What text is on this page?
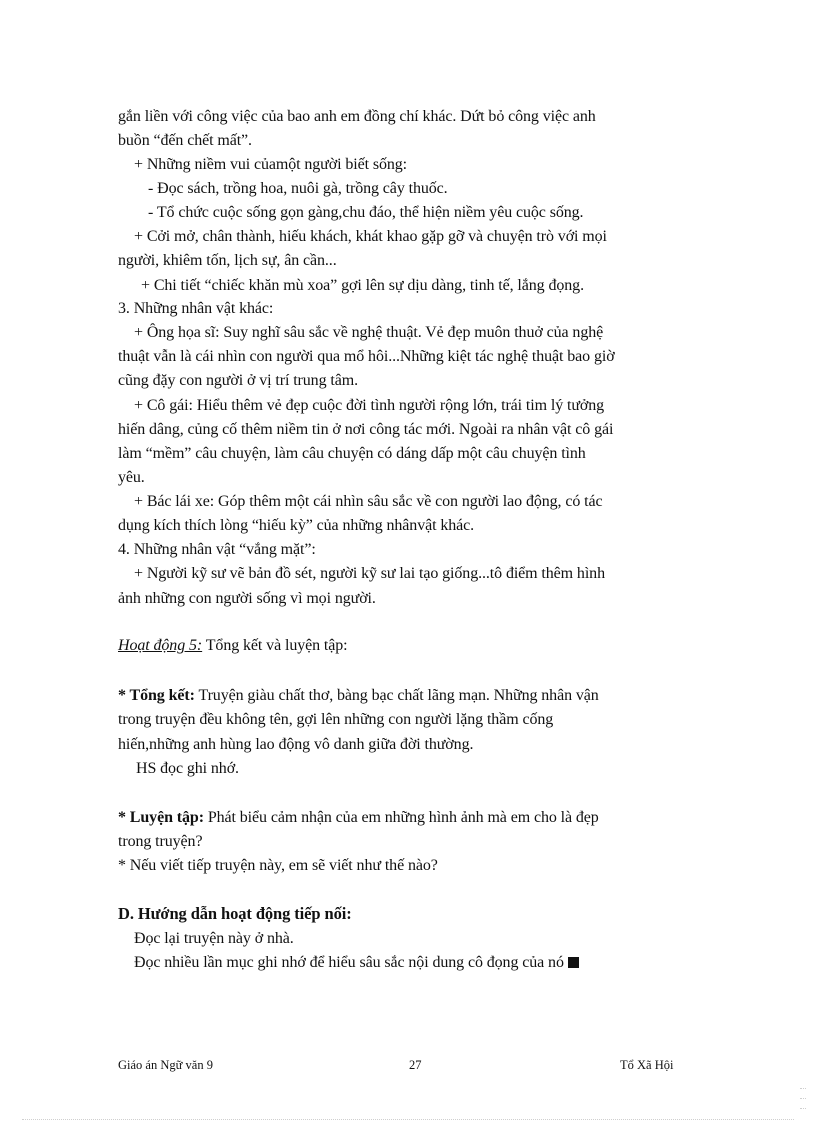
gắn liền với công việc của bao anh em đồng chí khác. Dứt bỏ công việc anh
buồn “đến chết mất”.
+ Những niềm vui củamột người biết sống:
- Đọc sách, trồng hoa, nuôi gà, trồng cây thuốc.
- Tổ chức cuộc sống gọn gàng,chu đáo, thể hiện niềm yêu cuộc sống.
+ Cởi mở, chân thành, hiếu khách, khát khao gặp gỡ và chuyện trò với mọi
người, khiêm tốn, lịch sự, ân cần...
+ Chi tiết “chiếc khăn mù xoa” gợi lên sự dịu dàng, tinh tế, lắng đọng.
3. Những nhân vật khác:
+ Ông họa sĩ: Suy nghĩ sâu sắc về nghệ thuật. Vẻ đẹp muôn thuở của nghệ
thuật vẫn là cái nhìn con người qua mổ hôi...Những kiệt tác nghệ thuật bao giờ
cũng đặy con người ở vị trí trung tâm.
+ Cô gái: Hiểu thêm vẻ đẹp cuộc đời tình người rộng lớn, trái tim lý tưởng
hiến dâng, củng cố thêm niềm tin ở nơi công tác mới. Ngoài ra nhân vật cô gái
làm “mềm” câu chuyện, làm câu chuyện có dáng dấp một câu chuyện tình
yêu.
+ Bác lái xe: Góp thêm một cái nhìn sâu sắc về con người lao động, có tác
dụng kích thích lòng “hiếu kỳ” của những nhânvật khác.
4. Những nhân vật “vắng mặt”:
+ Người kỹ sư vẽ bản đồ sét, người kỹ sư lai tạo giống...tô điểm thêm hình
ảnh những con người sống vì mọi người.
Hoạt động 5: Tổng kết và luyện tập:
* Tổng kết: Truyện giàu chất thơ, bàng bạc chất lãng mạn. Những nhân vận
trong truyện đều không tên, gợi lên những con người lặng thầm cống
hiến,những anh hùng lao động vô danh giữa đời thường.
HS đọc ghi nhớ.
* Luyện tập: Phát biểu cảm nhận của em những hình ảnh mà em cho là đẹp
trong truyện?
* Nếu viết tiếp truyện này, em sẽ viết như thế nào?
D. Hướng dẫn hoạt động tiếp nối:
Đọc lại truyện này ở nhà.
Đọc nhiều lần mục ghi nhớ để hiểu sâu sắc nội dung cô đọng của nó
Giáo án Ngữ văn 9	27	Tổ Xã Hội
